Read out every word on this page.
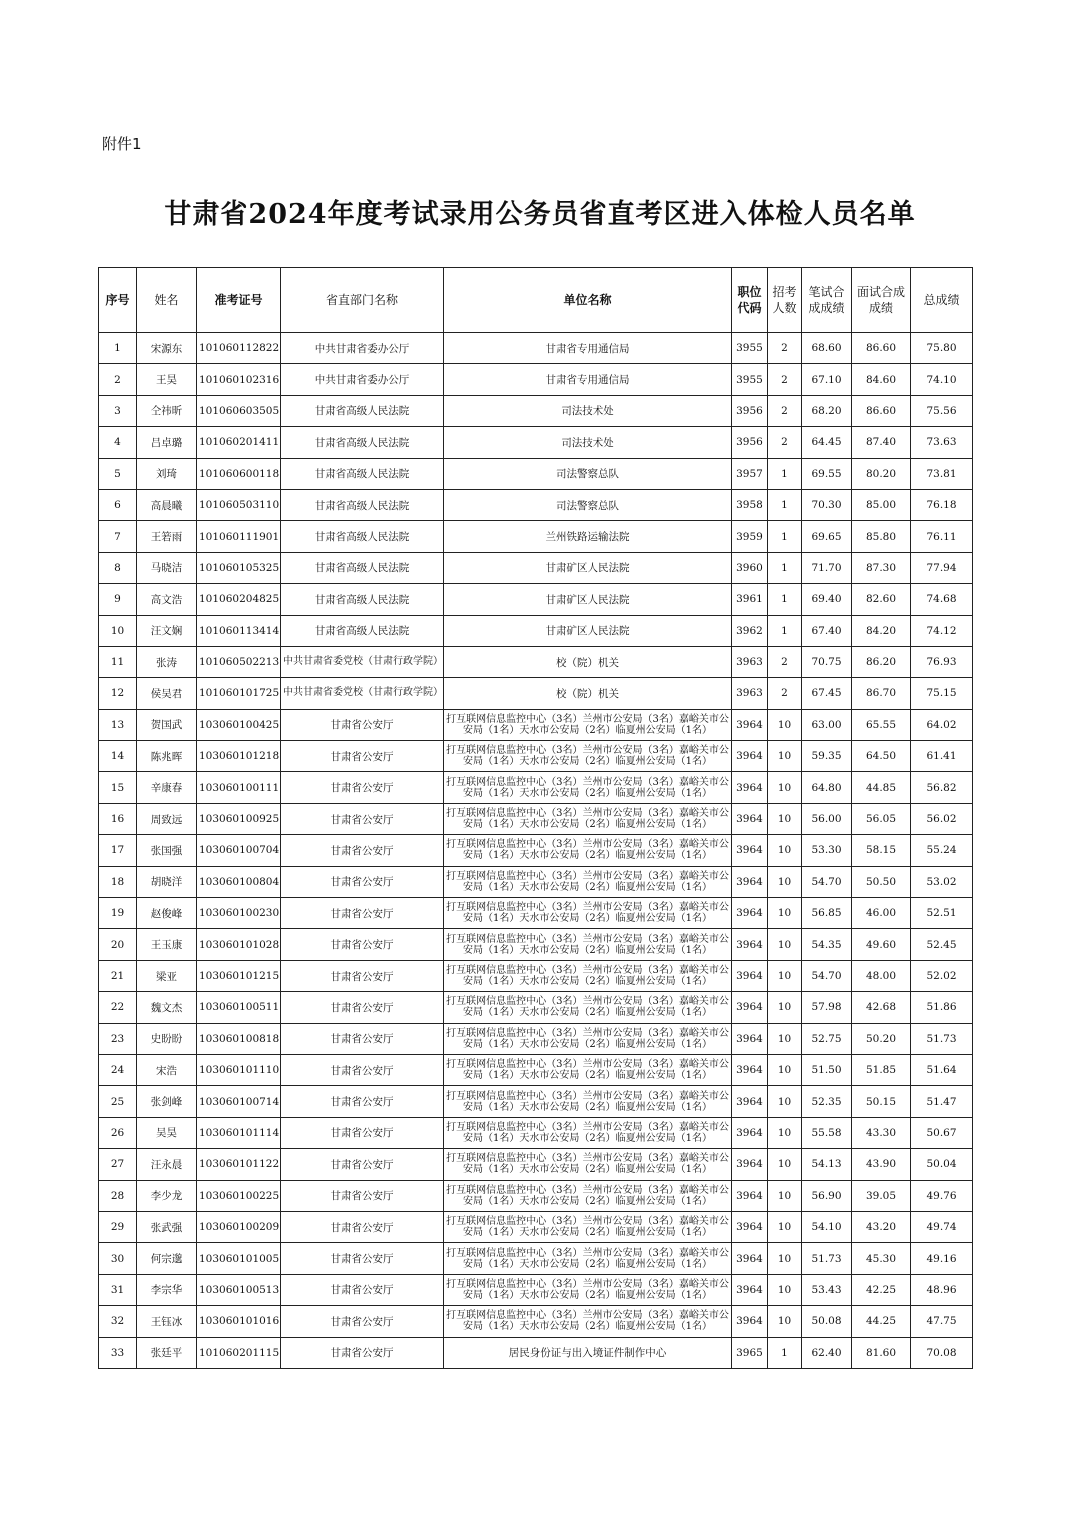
附件1
甘肃省2024年度考试录用公务员省直考区进入体检人员名单
序号	姓名	准考证号	省直部门名称	单位名称	职位代码	招考人数	笔试合成成绩	面试合成成绩	总成绩
1	宋源东	101060112822	中共甘肃省委办公厅	甘肃省专用通信局	3955	2	68.60	86.60	75.80
2	王昊	101060102316	中共甘肃省委办公厅	甘肃省专用通信局	3955	2	67.10	84.60	74.10
3	仝祎昕	101060603505	甘肃省高级人民法院	司法技术处	3956	2	68.20	86.60	75.56
4	吕卓璐	101060201411	甘肃省高级人民法院	司法技术处	3956	2	64.45	87.40	73.63
5	刘琦	101060600118	甘肃省高级人民法院	司法警察总队	3957	1	69.55	80.20	73.81
6	高晨曦	101060503110	甘肃省高级人民法院	司法警察总队	3958	1	70.30	85.00	76.18
7	王箬雨	101060111901	甘肃省高级人民法院	兰州铁路运输法院	3959	1	69.65	85.80	76.11
8	马晓洁	101060105325	甘肃省高级人民法院	甘肃矿区人民法院	3960	1	71.70	87.30	77.94
9	高文浩	101060204825	甘肃省高级人民法院	甘肃矿区人民法院	3961	1	69.40	82.60	74.68
10	汪文娴	101060113414	甘肃省高级人民法院	甘肃矿区人民法院	3962	1	67.40	84.20	74.12
11	张涛	101060502213	中共甘肃省委党校（甘肃行政学院）	校（院）机关	3963	2	70.75	86.20	76.93
12	侯吴君	101060101725	中共甘肃省委党校（甘肃行政学院）	校（院）机关	3963	2	67.45	86.70	75.15
13	贺国武	103060100425	甘肃省公安厅	打互联网信息监控中心（3名）兰州市公安局（3名）嘉峪关市公安局（1名）天水市公安局（2名）临夏州公安局（1名）	3964	10	63.00	65.55	64.02
14	陈兆晖	103060101218	甘肃省公安厅	打互联网信息监控中心（3名）兰州市公安局（3名）嘉峪关市公安局（1名）天水市公安局（2名）临夏州公安局（1名）	3964	10	59.35	64.50	61.41
15	辛康春	103060100111	甘肃省公安厅	打互联网信息监控中心（3名）兰州市公安局（3名）嘉峪关市公安局（1名）天水市公安局（2名）临夏州公安局（1名）	3964	10	64.80	44.85	56.82
16	周致远	103060100925	甘肃省公安厅	打互联网信息监控中心（3名）兰州市公安局（3名）嘉峪关市公安局（1名）天水市公安局（2名）临夏州公安局（1名）	3964	10	56.00	56.05	56.02
17	张国强	103060100704	甘肃省公安厅	打互联网信息监控中心（3名）兰州市公安局（3名）嘉峪关市公安局（1名）天水市公安局（2名）临夏州公安局（1名）	3964	10	53.30	58.15	55.24
18	胡晓洋	103060100804	甘肃省公安厅	打互联网信息监控中心（3名）兰州市公安局（3名）嘉峪关市公安局（1名）天水市公安局（2名）临夏州公安局（1名）	3964	10	54.70	50.50	53.02
19	赵俊峰	103060100230	甘肃省公安厅	打互联网信息监控中心（3名）兰州市公安局（3名）嘉峪关市公安局（1名）天水市公安局（2名）临夏州公安局（1名）	3964	10	56.85	46.00	52.51
20	王玉康	103060101028	甘肃省公安厅	打互联网信息监控中心（3名）兰州市公安局（3名）嘉峪关市公安局（1名）天水市公安局（2名）临夏州公安局（1名）	3964	10	54.35	49.60	52.45
21	梁亚	103060101215	甘肃省公安厅	打互联网信息监控中心（3名）兰州市公安局（3名）嘉峪关市公安局（1名）天水市公安局（2名）临夏州公安局（1名）	3964	10	54.70	48.00	52.02
22	魏文杰	103060100511	甘肃省公安厅	打互联网信息监控中心（3名）兰州市公安局（3名）嘉峪关市公安局（1名）天水市公安局（2名）临夏州公安局（1名）	3964	10	57.98	42.68	51.86
23	史盼盼	103060100818	甘肃省公安厅	打互联网信息监控中心（3名）兰州市公安局（3名）嘉峪关市公安局（1名）天水市公安局（2名）临夏州公安局（1名）	3964	10	52.75	50.20	51.73
24	宋浩	103060101110	甘肃省公安厅	打互联网信息监控中心（3名）兰州市公安局（3名）嘉峪关市公安局（1名）天水市公安局（2名）临夏州公安局（1名）	3964	10	51.50	51.85	51.64
25	张剑峰	103060100714	甘肃省公安厅	打互联网信息监控中心（3名）兰州市公安局（3名）嘉峪关市公安局（1名）天水市公安局（2名）临夏州公安局（1名）	3964	10	52.35	50.15	51.47
26	吴昊	103060101114	甘肃省公安厅	打互联网信息监控中心（3名）兰州市公安局（3名）嘉峪关市公安局（1名）天水市公安局（2名）临夏州公安局（1名）	3964	10	55.58	43.30	50.67
27	汪永晨	103060101122	甘肃省公安厅	打互联网信息监控中心（3名）兰州市公安局（3名）嘉峪关市公安局（1名）天水市公安局（2名）临夏州公安局（1名）	3964	10	54.13	43.90	50.04
28	李少龙	103060100225	甘肃省公安厅	打互联网信息监控中心（3名）兰州市公安局（3名）嘉峪关市公安局（1名）天水市公安局（2名）临夏州公安局（1名）	3964	10	56.90	39.05	49.76
29	张武强	103060100209	甘肃省公安厅	打互联网信息监控中心（3名）兰州市公安局（3名）嘉峪关市公安局（1名）天水市公安局（2名）临夏州公安局（1名）	3964	10	54.10	43.20	49.74
30	何宗邈	103060101005	甘肃省公安厅	打互联网信息监控中心（3名）兰州市公安局（3名）嘉峪关市公安局（1名）天水市公安局（2名）临夏州公安局（1名）	3964	10	51.73	45.30	49.16
31	李宗华	103060100513	甘肃省公安厅	打互联网信息监控中心（3名）兰州市公安局（3名）嘉峪关市公安局（1名）天水市公安局（2名）临夏州公安局（1名）	3964	10	53.43	42.25	48.96
32	王钰冰	103060101016	甘肃省公安厅	打互联网信息监控中心（3名）兰州市公安局（3名）嘉峪关市公安局（1名）天水市公安局（2名）临夏州公安局（1名）	3964	10	50.08	44.25	47.75
33	张廷平	101060201115	甘肃省公安厅	居民身份证与出入境证件制作中心	3965	1	62.40	81.60	70.08
